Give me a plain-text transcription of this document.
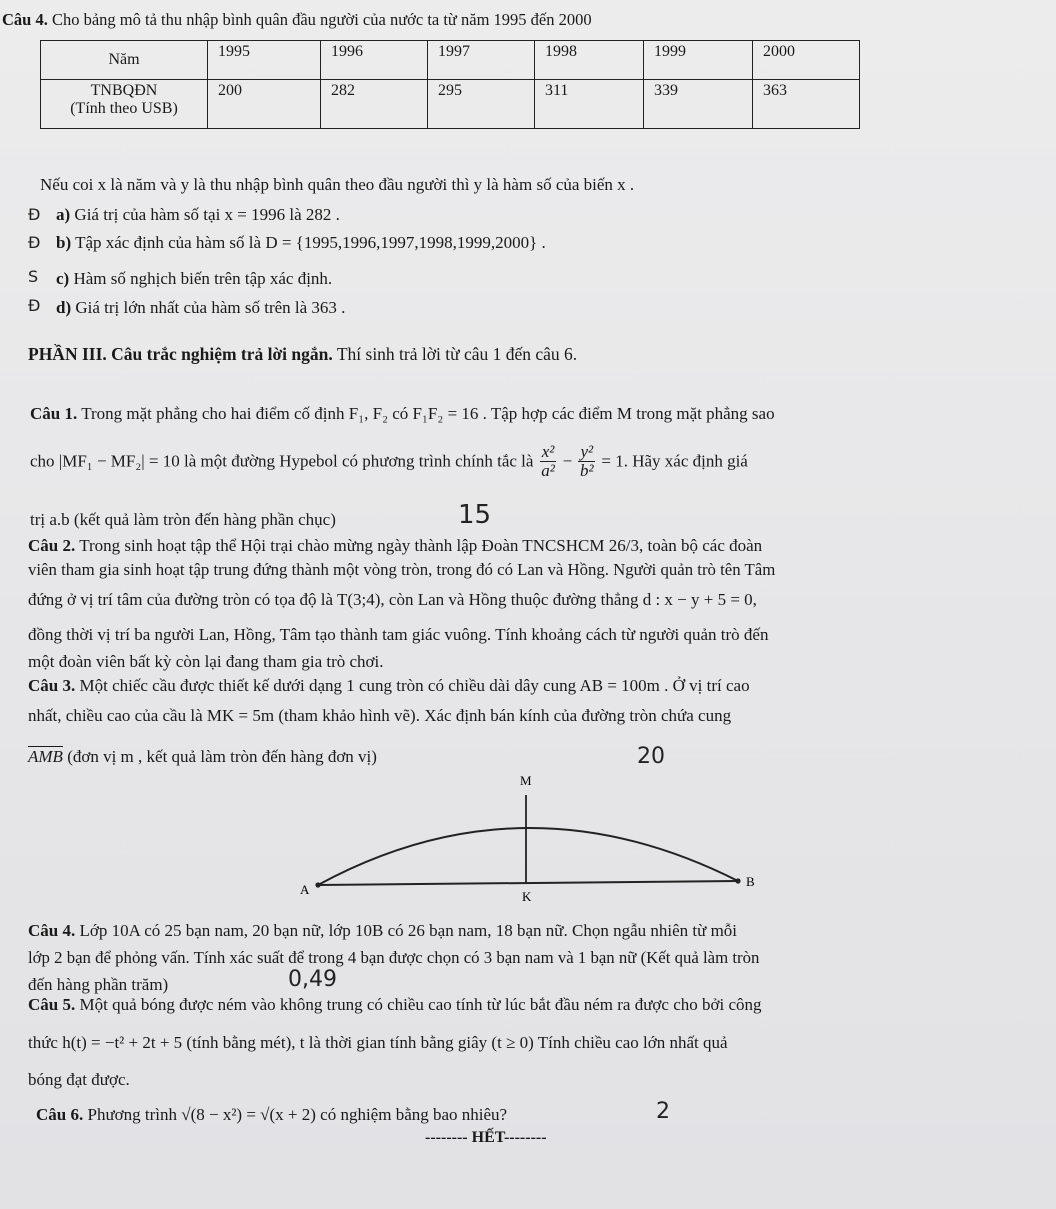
Câu 4. Cho bảng mô tả thu nhập bình quân đầu người của nước ta từ năm 1995 đến 2000
Năm	1995	1996	1997	1998	1999	2000

TNBQĐN
(Tính theo USB)	200	282	295	311	339	363
Nếu coi x là năm và y là thu nhập bình quân theo đầu người thì y là hàm số của biến x .
Đ a) Giá trị của hàm số tại x = 1996 là 282 .
Đ b) Tập xác định của hàm số là D = {1995,1996,1997,1998,1999,2000} .
S c) Hàm số nghịch biến trên tập xác định.
Đ d) Giá trị lớn nhất của hàm số trên là 363 .
PHẦN III. Câu trắc nghiệm trả lời ngắn. Thí sinh trả lời từ câu 1 đến câu 6.
Câu 1. Trong mặt phẳng cho hai điểm cố định F₁, F₂ có F₁F₂ = 16 . Tập hợp các điểm M trong mặt phẳng sao
cho |MF₁ − MF₂| = 10 là một đường Hypebol có phương trình chính tắc là $\frac{\text{x²}}{\text{a²}} - \frac{\text{y²}}{\text{b²}} = 1$. Hãy xác định giá
trị a.b (kết quả làm tròn đến hàng phần chục)	15
Câu 2. Trong sinh hoạt tập thể Hội trại chào mừng ngày thành lập Đoàn TNCSHCM 26/3, toàn bộ các đoàn
viên tham gia sinh hoạt tập trung đứng thành một vòng tròn, trong đó có Lan và Hồng. Người quản trò tên Tâm
đứng ở vị trí tâm của đường tròn có tọa độ là T(3;4), còn Lan và Hồng thuộc đường thẳng d : x − y + 5 = 0,
đồng thời vị trí ba người Lan, Hồng, Tâm tạo thành tam giác vuông. Tính khoảng cách từ người quản trò đến
một đoàn viên bất kỳ còn lại đang tham gia trò chơi.
Câu 3. Một chiếc cầu được thiết kế dưới dạng 1 cung tròn có chiều dài dây cung AB = 100m . Ở vị trí cao
nhất, chiều cao của cầu là MK = 5m (tham khảo hình vẽ). Xác định bán kính của đường tròn chứa cung
$\overline{AMB}$ (đơn vị m , kết quả làm tròn đến hàng đơn vị)	20
M
A
B
K
Câu 4. Lớp 10A có 25 bạn nam, 20 bạn nữ, lớp 10B có 26 bạn nam, 18 bạn nữ. Chọn ngẫu nhiên từ mỗi
lớp 2 bạn để phỏng vấn. Tính xác suất để trong 4 bạn được chọn có 3 bạn nam và 1 bạn nữ (Kết quả làm tròn
đến hàng phần trăm)	0,49
Câu 5. Một quả bóng được ném vào không trung có chiều cao tính từ lúc bắt đầu ném ra được cho bởi công
thức h(t) = −t² + 2t + 5 (tính bằng mét), t là thời gian tính bằng giây (t ≥ 0) Tính chiều cao lớn nhất quả
bóng đạt được.
Câu 6. Phương trình √(8 − x²) = √(x + 2) có nghiệm bằng bao nhiêu?	2
-------- HẾT--------
